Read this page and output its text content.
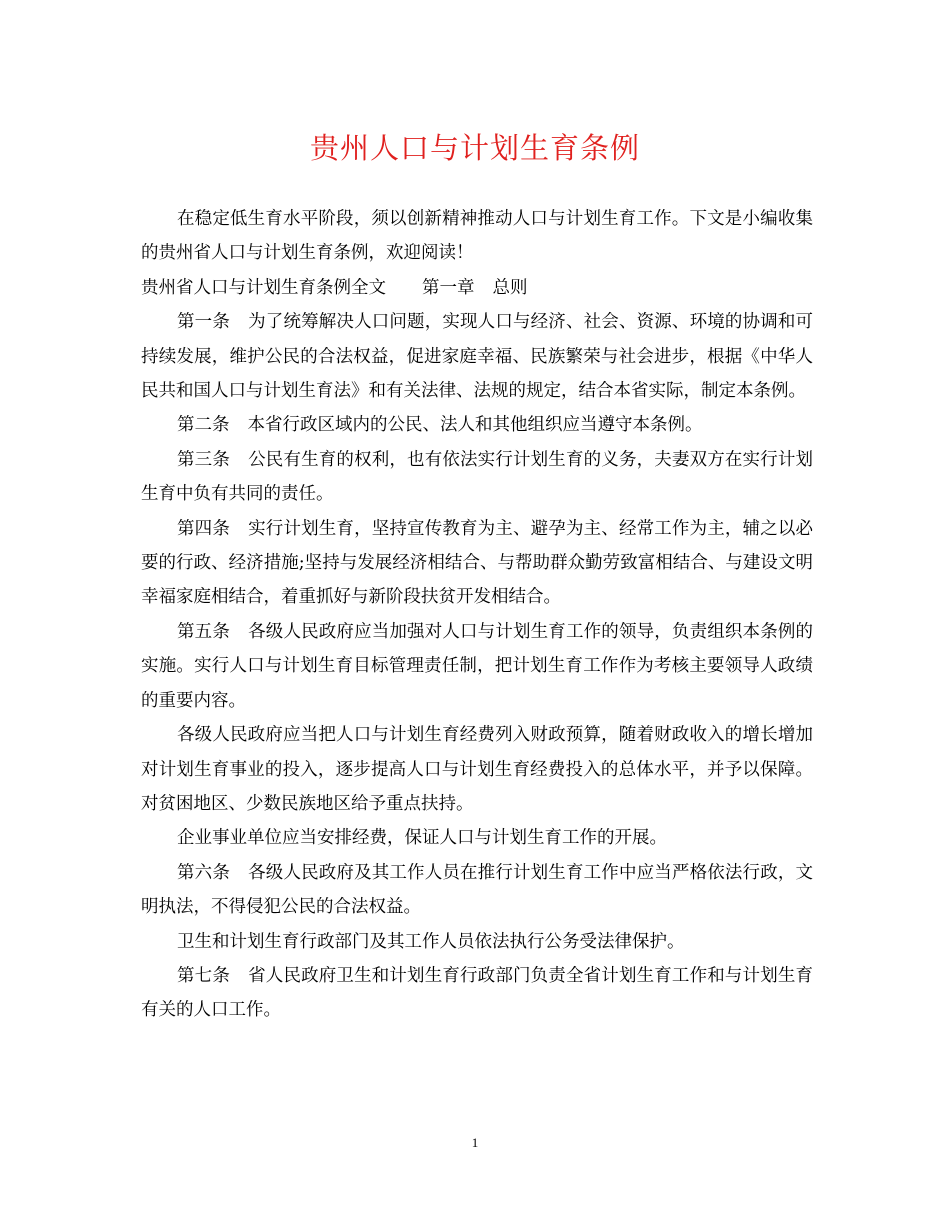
贵州人口与计划生育条例

在稳定低生育水平阶段，须以创新精神推动人口与计划生育工作。下文是小编收集的贵州省人口与计划生育条例，欢迎阅读！

贵州省人口与计划生育条例全文 第一章 总则

第一条 为了统筹解决人口问题，实现人口与经济、社会、资源、环境的协调和可持续发展，维护公民的合法权益，促进家庭幸福、民族繁荣与社会进步，根据《中华人民共和国人口与计划生育法》和有关法律、法规的规定，结合本省实际，制定本条例。

第二条 本省行政区域内的公民、法人和其他组织应当遵守本条例。

第三条 公民有生育的权利，也有依法实行计划生育的义务，夫妻双方在实行计划生育中负有共同的责任。

第四条 实行计划生育，坚持宣传教育为主、避孕为主、经常工作为主，辅之以必要的行政、经济措施;坚持与发展经济相结合、与帮助群众勤劳致富相结合、与建设文明幸福家庭相结合，着重抓好与新阶段扶贫开发相结合。

第五条 各级人民政府应当加强对人口与计划生育工作的领导，负责组织本条例的实施。实行人口与计划生育目标管理责任制，把计划生育工作作为考核主要领导人政绩的重要内容。

各级人民政府应当把人口与计划生育经费列入财政预算，随着财政收入的增长增加对计划生育事业的投入，逐步提高人口与计划生育经费投入的总体水平，并予以保障。对贫困地区、少数民族地区给予重点扶持。

企业事业单位应当安排经费，保证人口与计划生育工作的开展。

第六条 各级人民政府及其工作人员在推行计划生育工作中应当严格依法行政，文明执法，不得侵犯公民的合法权益。

卫生和计划生育行政部门及其工作人员依法执行公务受法律保护。

第七条 省人民政府卫生和计划生育行政部门负责全省计划生育工作和与计划生育有关的人口工作。

1
